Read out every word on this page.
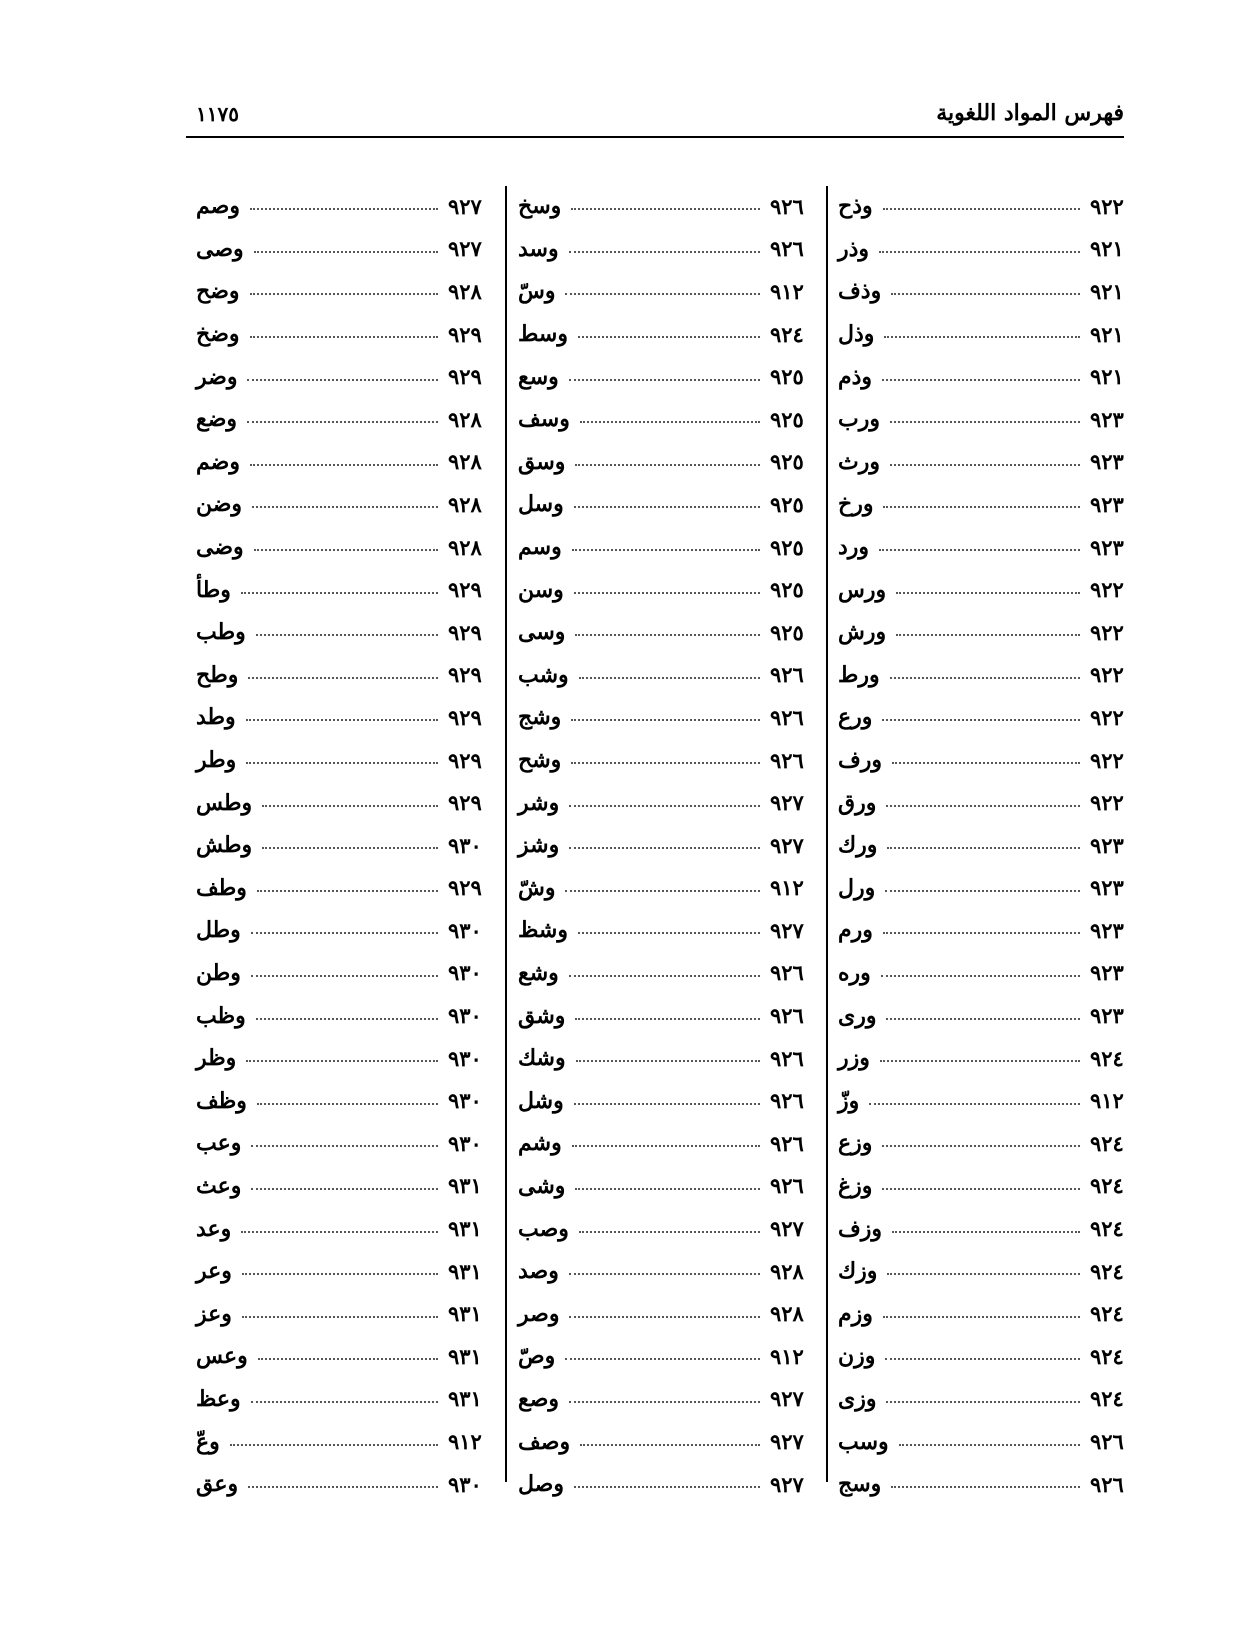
فهرس المواد اللغوية
١١٧٥
وذح	٩٢٢
وذر	٩٢١
وذف	٩٢١
وذل	٩٢١
وذم	٩٢١
ورب	٩٢٣
ورث	٩٢٣
ورخ	٩٢٣
ورد	٩٢٣
ورس	٩٢٢
ورش	٩٢٢
ورط	٩٢٢
ورع	٩٢٢
ورف	٩٢٢
ورق	٩٢٢
ورك	٩٢٣
ورل	٩٢٣
ورم	٩٢٣
وره	٩٢٣
ورى	٩٢٣
وزر	٩٢٤
وزّ	٩١٢
وزع	٩٢٤
وزغ	٩٢٤
وزف	٩٢٤
وزك	٩٢٤
وزم	٩٢٤
وزن	٩٢٤
وزى	٩٢٤
وسب	٩٢٦
وسج	٩٢٦
وسخ	٩٢٦
وسد	٩٢٦
وسّ	٩١٢
وسط	٩٢٤
وسع	٩٢٥
وسف	٩٢٥
وسق	٩٢٥
وسل	٩٢٥
وسم	٩٢٥
وسن	٩٢٥
وسى	٩٢٥
وشب	٩٢٦
وشج	٩٢٦
وشح	٩٢٦
وشر	٩٢٧
وشز	٩٢٧
وشّ	٩١٢
وشظ	٩٢٧
وشع	٩٢٦
وشق	٩٢٦
وشك	٩٢٦
وشل	٩٢٦
وشم	٩٢٦
وشى	٩٢٦
وصب	٩٢٧
وصد	٩٢٨
وصر	٩٢٨
وصّ	٩١٢
وصع	٩٢٧
وصف	٩٢٧
وصل	٩٢٧
وصم	٩٢٧
وصى	٩٢٧
وضح	٩٢٨
وضخ	٩٢٩
وضر	٩٢٩
وضع	٩٢٨
وضم	٩٢٨
وضن	٩٢٨
وضى	٩٢٨
وطأ	٩٢٩
وطب	٩٢٩
وطح	٩٢٩
وطد	٩٢٩
وطر	٩٢٩
وطس	٩٢٩
وطش	٩٣٠
وطف	٩٢٩
وطل	٩٣٠
وطن	٩٣٠
وظب	٩٣٠
وظر	٩٣٠
وظف	٩٣٠
وعب	٩٣٠
وعث	٩٣١
وعد	٩٣١
وعر	٩٣١
وعز	٩٣١
وعس	٩٣١
وعظ	٩٣١
وعّ	٩١٢
وعق	٩٣٠
